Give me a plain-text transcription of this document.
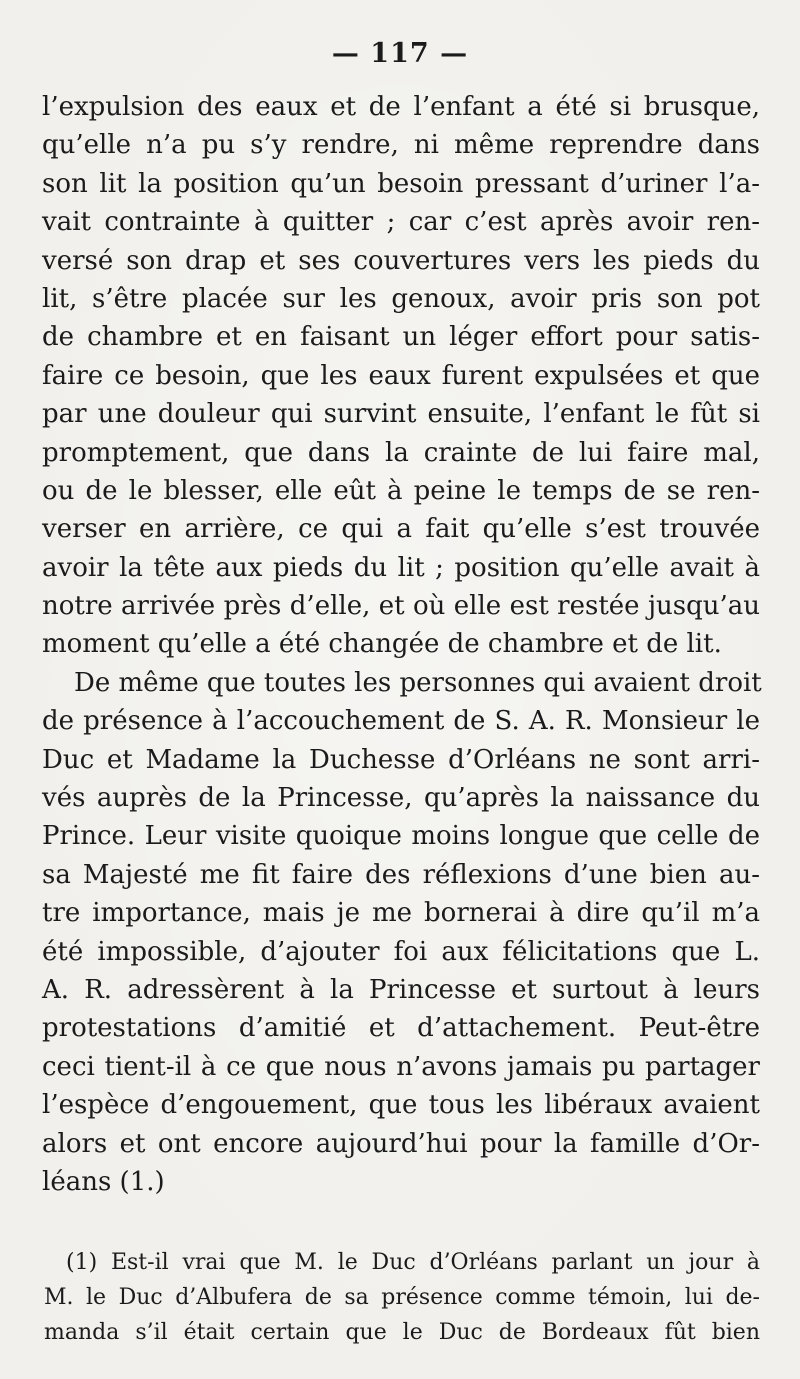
— 117 —
l’expulsion des eaux et de l’enfant a été si brusque,
qu’elle n’a pu s’y rendre, ni même reprendre dans
son lit la position qu’un besoin pressant d’uriner l’a-
vait contrainte à quitter ; car c’est après avoir ren-
versé son drap et ses couvertures vers les pieds du
lit, s’être placée sur les genoux, avoir pris son pot
de chambre et en faisant un léger effort pour satis-
faire ce besoin, que les eaux furent expulsées et que
par une douleur qui survint ensuite, l’enfant le fût si
promptement, que dans la crainte de lui faire mal,
ou de le blesser, elle eût à peine le temps de se ren-
verser en arrière, ce qui a fait qu’elle s’est trouvée
avoir la tête aux pieds du lit ; position qu’elle avait à
notre arrivée près d’elle, et où elle est restée jusqu’au
moment qu’elle a été changée de chambre et de lit.
De même que toutes les personnes qui avaient droit
de présence à l’accouchement de S. A. R. Monsieur le
Duc et Madame la Duchesse d’Orléans ne sont arri-
vés auprès de la Princesse, qu’après la naissance du
Prince. Leur visite quoique moins longue que celle de
sa Majesté me fit faire des réflexions d’une bien au-
tre importance, mais je me bornerai à dire qu’il m’a
été impossible, d’ajouter foi aux félicitations que L.
A. R. adressèrent à la Princesse et surtout à leurs
protestations d’amitié et d’attachement. Peut-être
ceci tient-il à ce que nous n’avons jamais pu partager
l’espèce d’engouement, que tous les libéraux avaient
alors et ont encore aujourd’hui pour la famille d’Or-
léans (1.)
(1) Est-il vrai que M. le Duc d’Orléans parlant un jour à
M. le Duc d’Albufera de sa présence comme témoin, lui de-
manda s’il était certain que le Duc de Bordeaux fût bien
